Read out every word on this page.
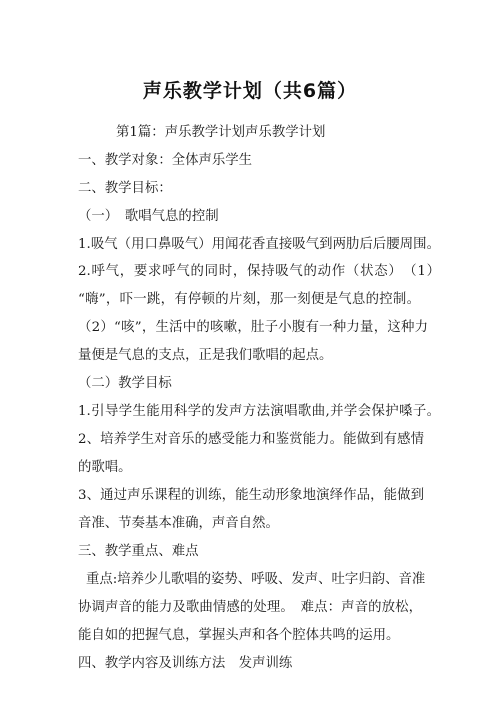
声乐教学计划（共6篇）
第1篇：声乐教学计划声乐教学计划
一、教学对象：全体声乐学生
二、教学目标：
（一）　歌唱气息的控制
1.吸气（用口鼻吸气）用闻花香直接吸气到两肋后后腰周围。
2.呼气，要求呼气的同时，保持吸气的动作（状态）　（1）
“嗨”，吓一跳，有停顿的片刻，那一刻便是气息的控制。
（2）“咳”，生活中的咳嗽，肚子小腹有一种力量，这种力
量便是气息的支点，正是我们歌唱的起点。
（二）教学目标
1.引导学生能用科学的发声方法演唱歌曲,并学会保护嗓子。
2、培养学生对音乐的感受能力和鉴赏能力。能做到有感情
的歌唱。
3、通过声乐课程的训练，能生动形象地演绎作品，能做到
音准、节奏基本准确，声音自然。
三、教学重点、难点
重点:培养少儿歌唱的姿势、呼吸、发声、吐字归韵、音准
协调声音的能力及歌曲情感的处理。　难点：声音的放松，
能自如的把握气息，掌握头声和各个腔体共鸣的运用。
四、教学内容及训练方法　发声训练
